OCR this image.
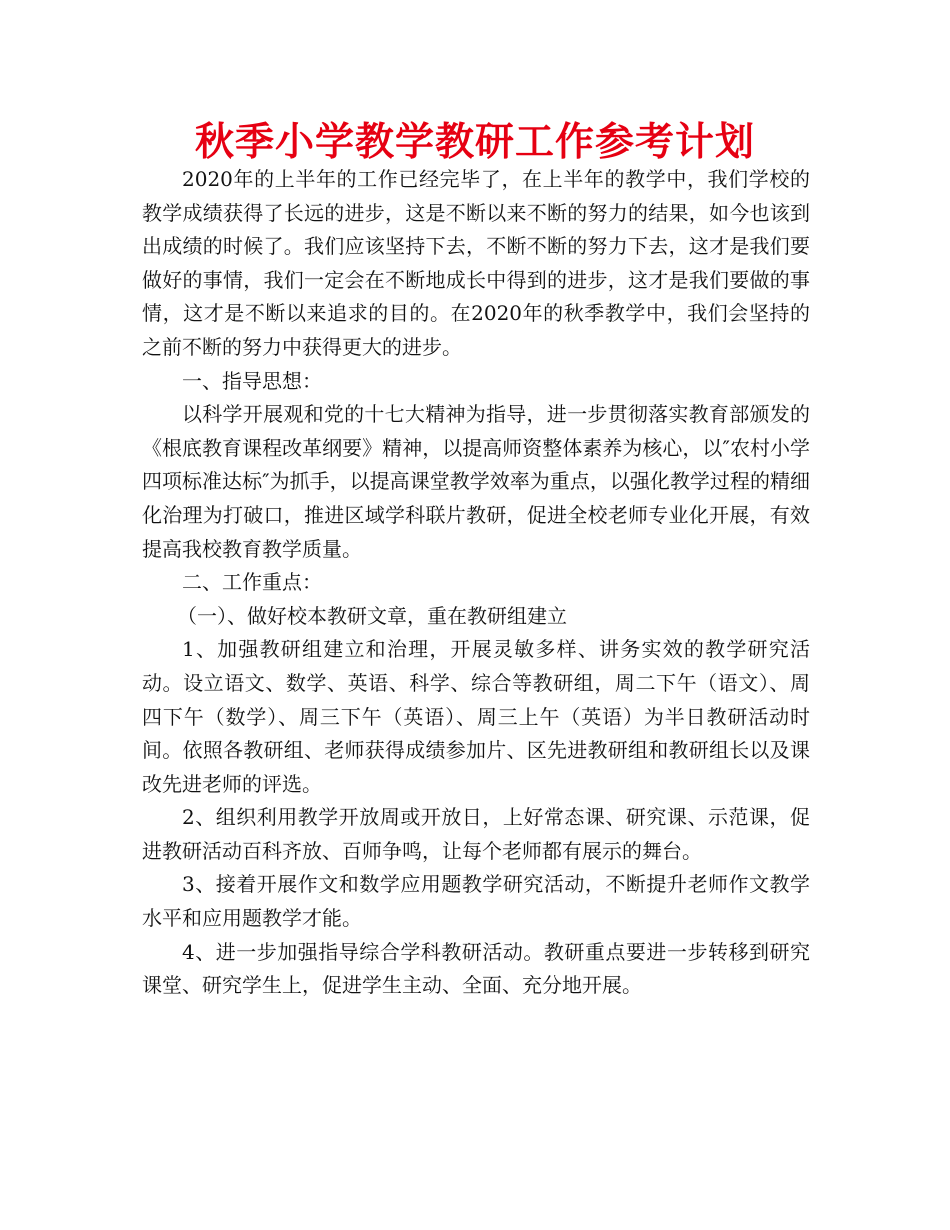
秋季小学教学教研工作参考计划

2020年的上半年的工作已经完毕了，在上半年的教学中，我们学校的教学成绩获得了长远的进步，这是不断以来不断的努力的结果，如今也该到出成绩的时候了。我们应该坚持下去，不断不断的努力下去，这才是我们要做好的事情，我们一定会在不断地成长中得到的进步，这才是我们要做的事情，这才是不断以来追求的目的。在2020年的秋季教学中，我们会坚持的之前不断的努力中获得更大的进步。

一、指导思想：

以科学开展观和党的十七大精神为指导，进一步贯彻落实教育部颁发的《根底教育课程改革纲要》精神，以提高师资整体素养为核心，以″农村小学四项标准达标″为抓手，以提高课堂教学效率为重点，以强化教学过程的精细化治理为打破口，推进区域学科联片教研，促进全校老师专业化开展，有效提高我校教育教学质量。

二、工作重点：

（一）、做好校本教研文章，重在教研组建立

1、加强教研组建立和治理，开展灵敏多样、讲务实效的教学研究活动。设立语文、数学、英语、科学、综合等教研组，周二下午（语文）、周四下午（数学）、周三下午（英语）、周三上午（英语）为半日教研活动时间。依照各教研组、老师获得成绩参加片、区先进教研组和教研组长以及课改先进老师的评选。

2、组织利用教学开放周或开放日，上好常态课、研究课、示范课，促进教研活动百科齐放、百师争鸣，让每个老师都有展示的舞台。

3、接着开展作文和数学应用题教学研究活动，不断提升老师作文教学水平和应用题教学才能。

4、进一步加强指导综合学科教研活动。教研重点要进一步转移到研究课堂、研究学生上，促进学生主动、全面、充分地开展。
